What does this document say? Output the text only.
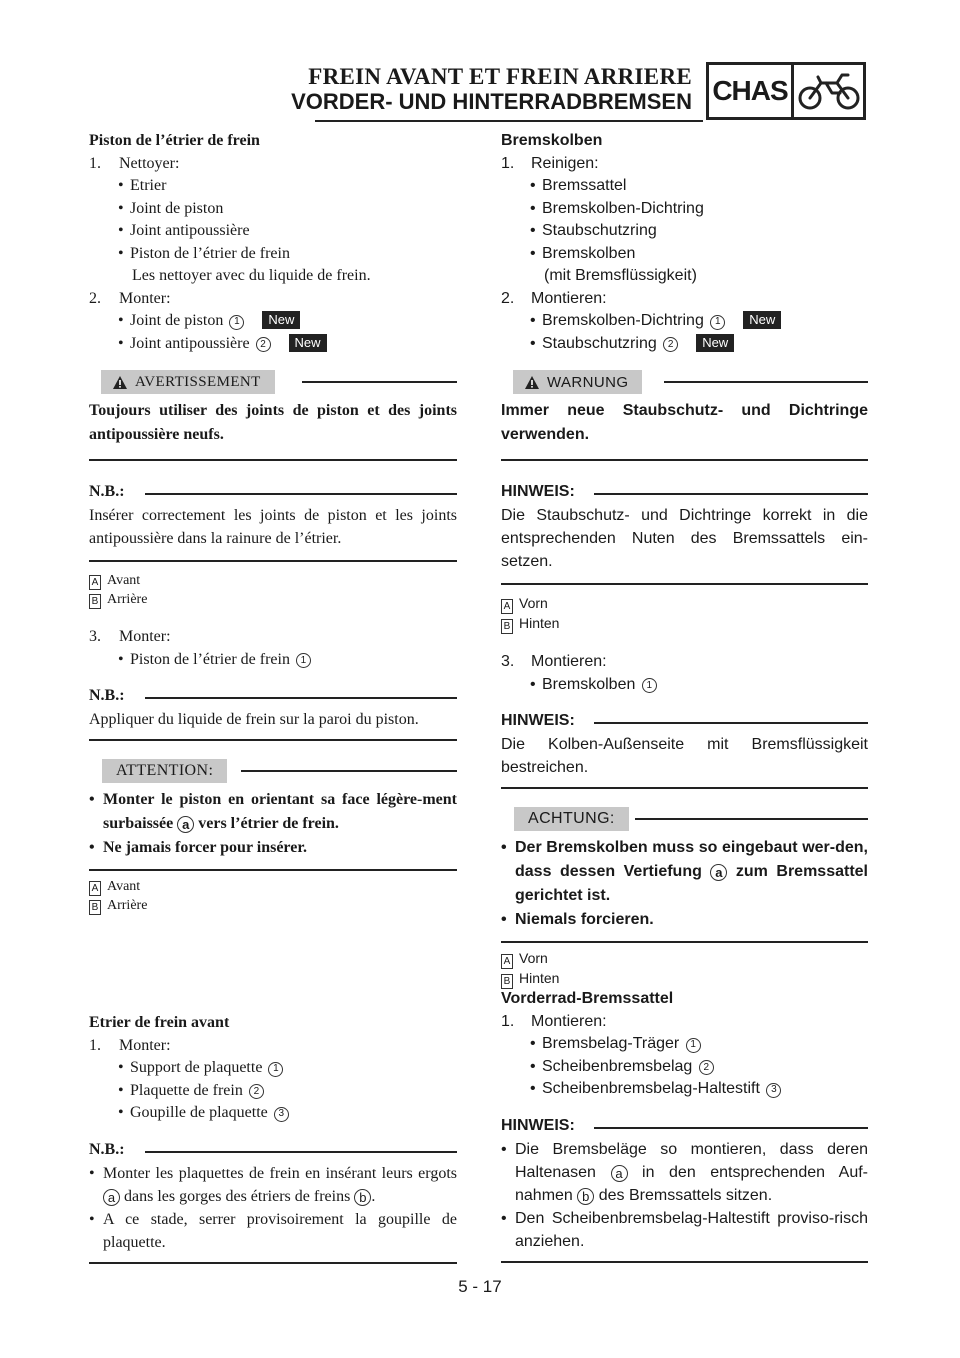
FREIN AVANT ET FREIN ARRIERE
VORDER- UND HINTERRADBREMSEN CHAS
Piston de l’étrier de frein
1. Nettoyer:
• Etrier
• Joint de piston
• Joint antipoussière
• Piston de l’étrier de frein
Les nettoyer avec du liquide de frein.
2. Monter:
• Joint de piston 1 New
• Joint antipoussière 2 New
AVERTISSEMENT
Toujours utiliser des joints de piston et des joints antipoussière neufs.
N.B.:
Insérer correctement les joints de piston et les joints antipoussière dans la rainure de l’étrier.
A Avant
B Arrière
3. Monter:
• Piston de l’étrier de frein 1
N.B.:
Appliquer du liquide de frein sur la paroi du piston.
ATTENTION:
• Monter le piston en orientant sa face légère-ment surbaissée a vers l’étrier de frein.
• Ne jamais forcer pour insérer.
A Avant
B Arrière
Etrier de frein avant
1. Monter:
• Support de plaquette 1
• Plaquette de frein 2
• Goupille de plaquette 3
N.B.:
• Monter les plaquettes de frein en insérant leurs ergots a dans les gorges des étriers de freins b .
• A ce stade, serrer provisoirement la goupille de plaquette.
Bremskolben
1. Reinigen:
• Bremssattel
• Bremskolben-Dichtring
• Staubschutzring
• Bremskolben
(mit Bremsflüssigkeit)
2. Montieren:
• Bremskolben-Dichtring 1 New
• Staubschutzring 2 New
WARNUNG
Immer neue Staubschutz- und Dichtringe verwenden.
HINWEIS:
Die Staubschutz- und Dichtringe korrekt in die entsprechenden Nuten des Bremssattels ein-setzen.
A Vorn
B Hinten
3. Montieren:
• Bremskolben 1
HINWEIS:
Die Kolben-Außenseite mit Bremsflüssigkeit bestreichen.
ACHTUNG:
• Der Bremskolben muss so eingebaut wer-den, dass dessen Vertiefung a zum Bremssattel gerichtet ist.
• Niemals forcieren.
A Vorn
B Hinten
Vorderrad-Bremssattel
1. Montieren:
• Bremsbelag-Träger 1
• Scheibenbremsbelag 2
• Scheibenbremsbelag-Haltestift 3
HINWEIS:
• Die Bremsbeläge so montieren, dass deren Haltenasen a in den entsprechenden Auf-nahmen b des Bremssattels sitzen.
• Den Scheibenbremsbelag-Haltestift proviso-risch anziehen.
5 - 17
